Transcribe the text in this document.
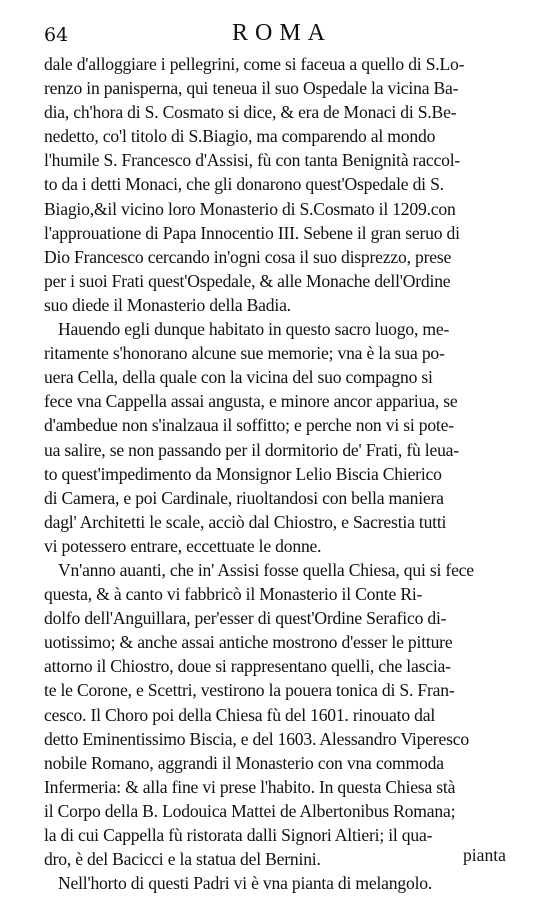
64	ROMA
dale d'alloggiare i pellegrini, come si faceua a quello di S.Lo-
renzo in panisperna, qui teneua il suo Ospedale la vicina Ba-
dia, ch'hora di S. Cosmato si dice, & era de Monaci di S.Be-
nedetto, co'l titolo di S.Biagio, ma comparendo al mondo
l'humile S. Francesco d'Assisi, fù con tanta Benignità raccol-
to da i detti Monaci, che gli donarono quest'Ospedale di S.
Biagio,&il vicino loro Monasterio di S.Cosmato il 1209.con
l'approuatione di Papa Innocentio III. Sebene il gran seruo di
Dio Francesco cercando in'ogni cosa il suo disprezzo, prese
per i suoi Frati quest'Ospedale, & alle Monache dell'Ordine
suo diede il Monasterio della Badia.
Hauendo egli dunque habitato in questo sacro luogo, me-
ritamente s'honorano alcune sue memorie; vna è la sua po-
uera Cella, della quale con la vicina del suo compagno si
fece vna Cappella assai angusta, e minore ancor appariua, se
d'ambedue non s'inalzaua il soffitto; e perche non vi si pote-
ua salire, se non passando per il dormitorio de' Frati, fù leua-
to quest'impedimento da Monsignor Lelio Biscia Chierico
di Camera, e poi Cardinale, riuoltandosi con bella maniera
dagl' Architetti le scale, acciò dal Chiostro, e Sacrestia tutti
vi potessero entrare, eccettuate le donne.
Vn'anno auanti, che in' Assisi fosse quella Chiesa, qui si fece
questa, & à canto vi fabbricò il Monasterio il Conte Ri-
dolfo dell'Anguillara, per'esser di quest'Ordine Serafico di-
uotissimo; & anche assai antiche mostrono d'esser le pitture
attorno il Chiostro, doue si rappresentano quelli, che lascia-
te le Corone, e Scettri, vestirono la pouera tonica di S. Fran-
cesco. Il Choro poi della Chiesa fù del 1601. rinouato dal
detto Eminentissimo Biscia, e del 1603. Alessandro Viperesco
nobile Romano, aggrandi il Monasterio con vna commoda
Infermeria: & alla fine vi prese l'habito. In questa Chiesa stà
il Corpo della B. Lodouica Mattei de Albertonibus Romana;
la di cui Cappella fù ristorata dalli Signori Altieri; il qua-
dro, è del Bacicci e la statua del Bernini.
Nell'horto di questi Padri vi è vna pianta di melangolo.
pianta
